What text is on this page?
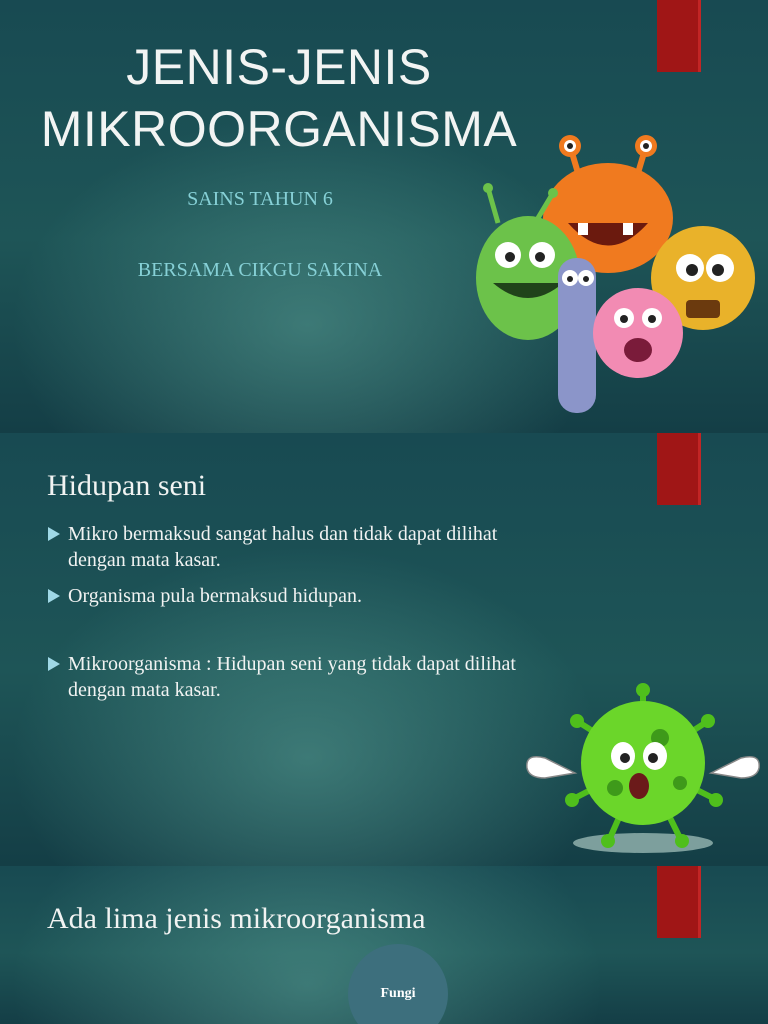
JENIS-JENIS
MIKROORGANISMA
SAINS TAHUN 6
BERSAMA CIKGU SAKINA
Hidupan seni
Mikro bermaksud sangat halus dan tidak dapat dilihat
dengan mata kasar.
Organisma pula bermaksud hidupan.
Mikroorganisma : Hidupan seni yang tidak dapat dilihat
dengan mata kasar.
Ada lima jenis mikroorganisma
Fungi
